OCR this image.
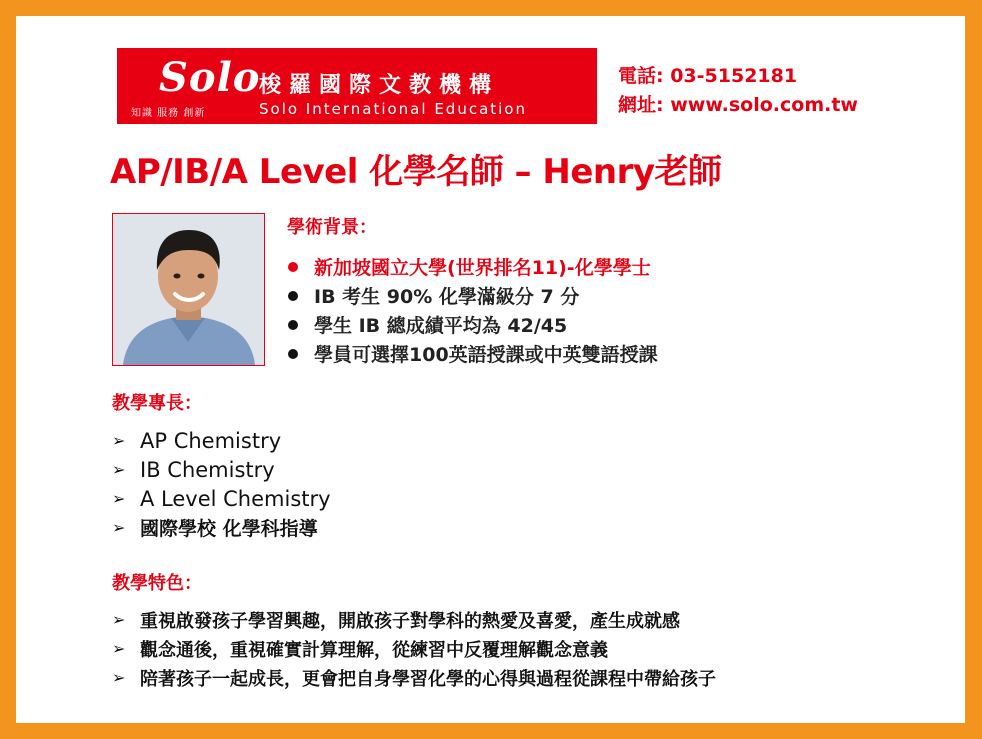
Solo
梭羅國際文教機構
知識 服務 創新	Solo International Education
電話: 03-5152181
網址: www.solo.com.tw
AP/IB/A Level 化學名師 – Henry老師
學術背景：
新加坡國立大學(世界排名11)-化學學士
IB 考生 90% 化學滿級分 7 分
學生 IB 總成績平均為 42/45
學員可選擇100英語授課或中英雙語授課
教學專長：
➢ AP Chemistry
➢ IB Chemistry
➢ A Level Chemistry
➢ 國際學校 化學科指導
教學特色：
➢ 重視啟發孩子學習興趣，開啟孩子對學科的熱愛及喜愛，產生成就感
➢ 觀念通後，重視確實計算理解，從練習中反覆理解觀念意義
➢ 陪著孩子一起成長，更會把自身學習化學的心得與過程從課程中帶給孩子
